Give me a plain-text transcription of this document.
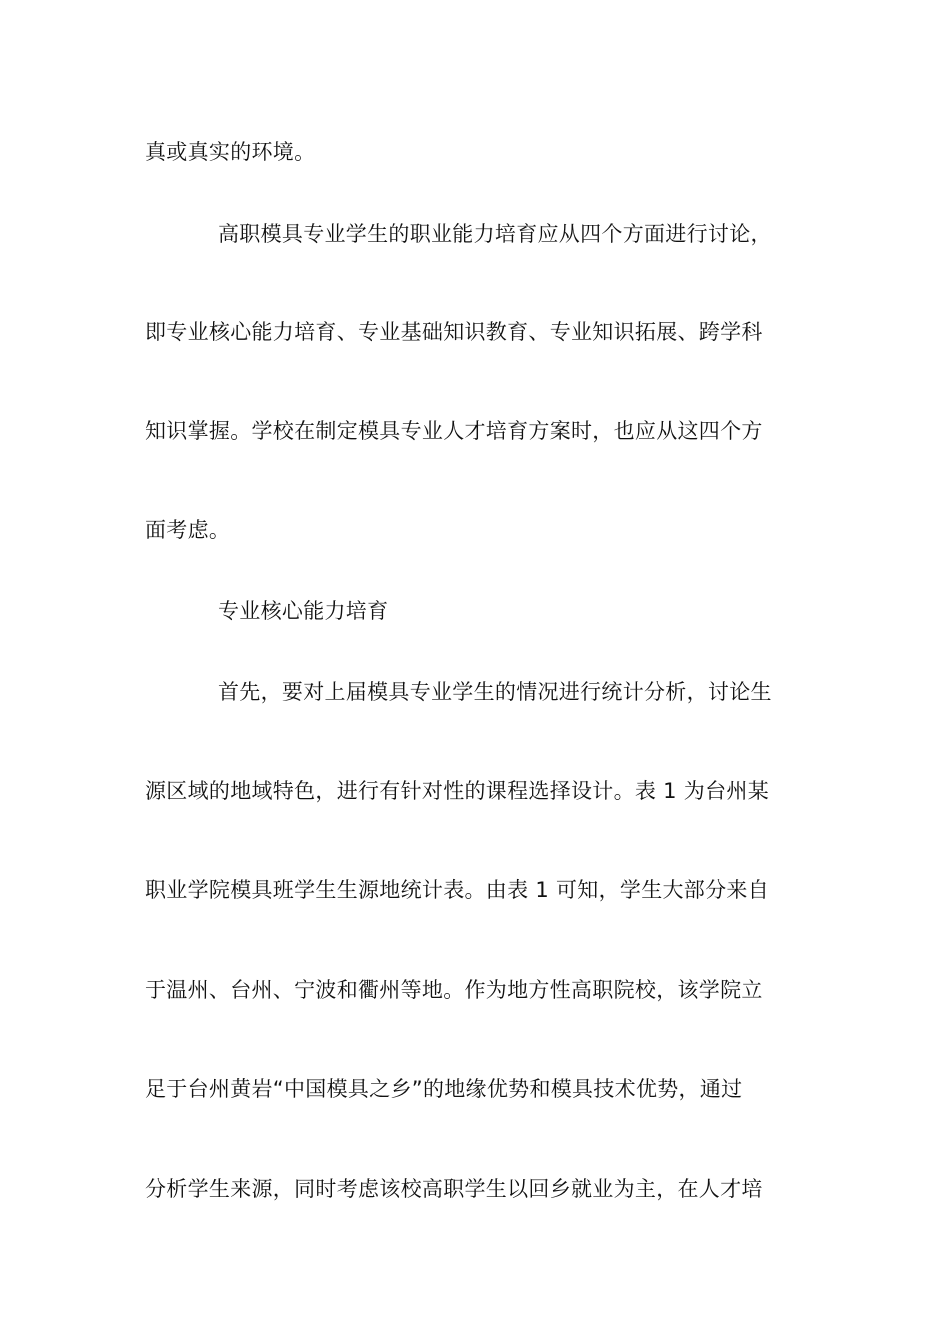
真或真实的环境。
高职模具专业学生的职业能力培育应从四个方面进行讨论，
即专业核心能力培育、专业基础知识教育、专业知识拓展、跨学科
知识掌握。学校在制定模具专业人才培育方案时，也应从这四个方
面考虑。
专业核心能力培育
首先，要对上届模具专业学生的情况进行统计分析，讨论生
源区域的地域特色，进行有针对性的课程选择设计。表 1 为台州某
职业学院模具班学生生源地统计表。由表 1 可知，学生大部分来自
于温州、台州、宁波和衢州等地。作为地方性高职院校，该学院立
足于台州黄岩“中国模具之乡”的地缘优势和模具技术优势，通过
分析学生来源，同时考虑该校高职学生以回乡就业为主，在人才培
